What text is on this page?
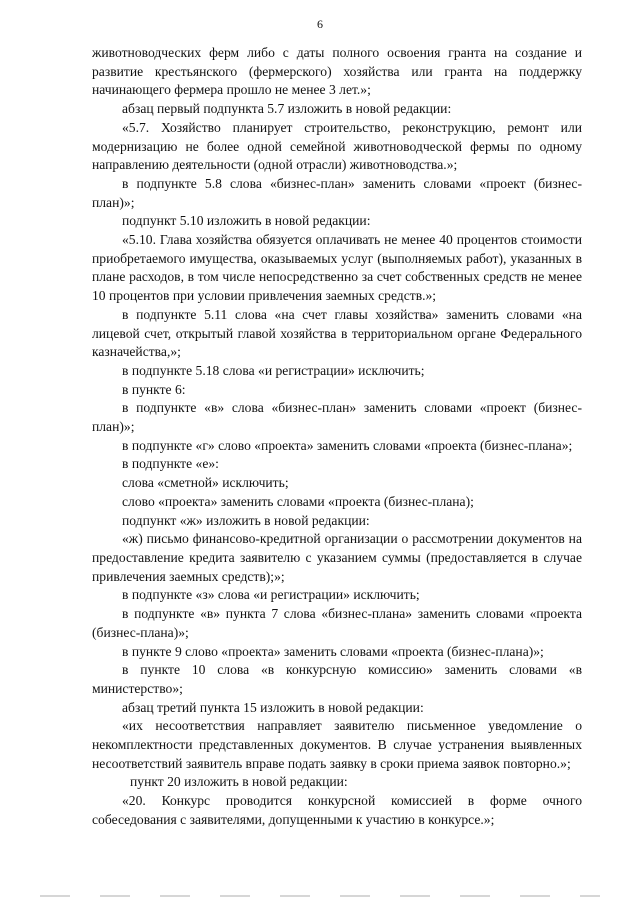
6

животноводческих ферм либо с даты полного освоения гранта на создание и развитие крестьянского (фермерского) хозяйства или гранта на поддержку начинающего фермера прошло не менее 3 лет.»;

абзац первый подпункта 5.7 изложить в новой редакции:

«5.7. Хозяйство планирует строительство, реконструкцию, ремонт или модернизацию не более одной семейной животноводческой фермы по одному направлению деятельности (одной отрасли) животноводства.»;

в подпункте 5.8 слова «бизнес-план» заменить словами «проект (бизнес-план)»;

подпункт 5.10 изложить в новой редакции:

«5.10. Глава хозяйства обязуется оплачивать не менее 40 процентов стоимости приобретаемого имущества, оказываемых услуг (выполняемых работ), указанных в плане расходов, в том числе непосредственно за счет собственных средств не менее 10 процентов при условии привлечения заемных средств.»;

в подпункте 5.11 слова «на счет главы хозяйства» заменить словами «на лицевой счет, открытый главой хозяйства в территориальном органе Федерального казначейства,»;

в подпункте 5.18 слова «и регистрации» исключить;

в пункте 6:

в подпункте «в» слова «бизнес-план» заменить словами «проект (бизнес-план)»;

в подпункте «г» слово «проекта» заменить словами «проекта (бизнес-плана»;

в подпункте «е»:

слова «сметной» исключить;

слово «проекта» заменить словами «проекта (бизнес-плана);

подпункт «ж» изложить в новой редакции:

«ж) письмо финансово-кредитной организации о рассмотрении документов на предоставление кредита заявителю с указанием суммы (предоставляется в случае привлечения заемных средств);»;

в подпункте «з» слова «и регистрации» исключить;

в подпункте «в» пункта 7 слова «бизнес-плана» заменить словами «проекта (бизнес-плана)»;

в пункте 9 слово «проекта» заменить словами «проекта (бизнес-плана)»;

в пункте 10 слова «в конкурсную комиссию» заменить словами «в министерство»;

абзац третий пункта 15 изложить в новой редакции:

«их несоответствия направляет заявителю письменное уведомление о некомплектности представленных документов. В случае устранения выявленных несоответствий заявитель вправе подать заявку в сроки приема заявок повторно.»;

пункт 20 изложить в новой редакции:

«20. Конкурс проводится конкурсной комиссией в форме очного собеседования с заявителями, допущенными к участию в конкурсе.»;
